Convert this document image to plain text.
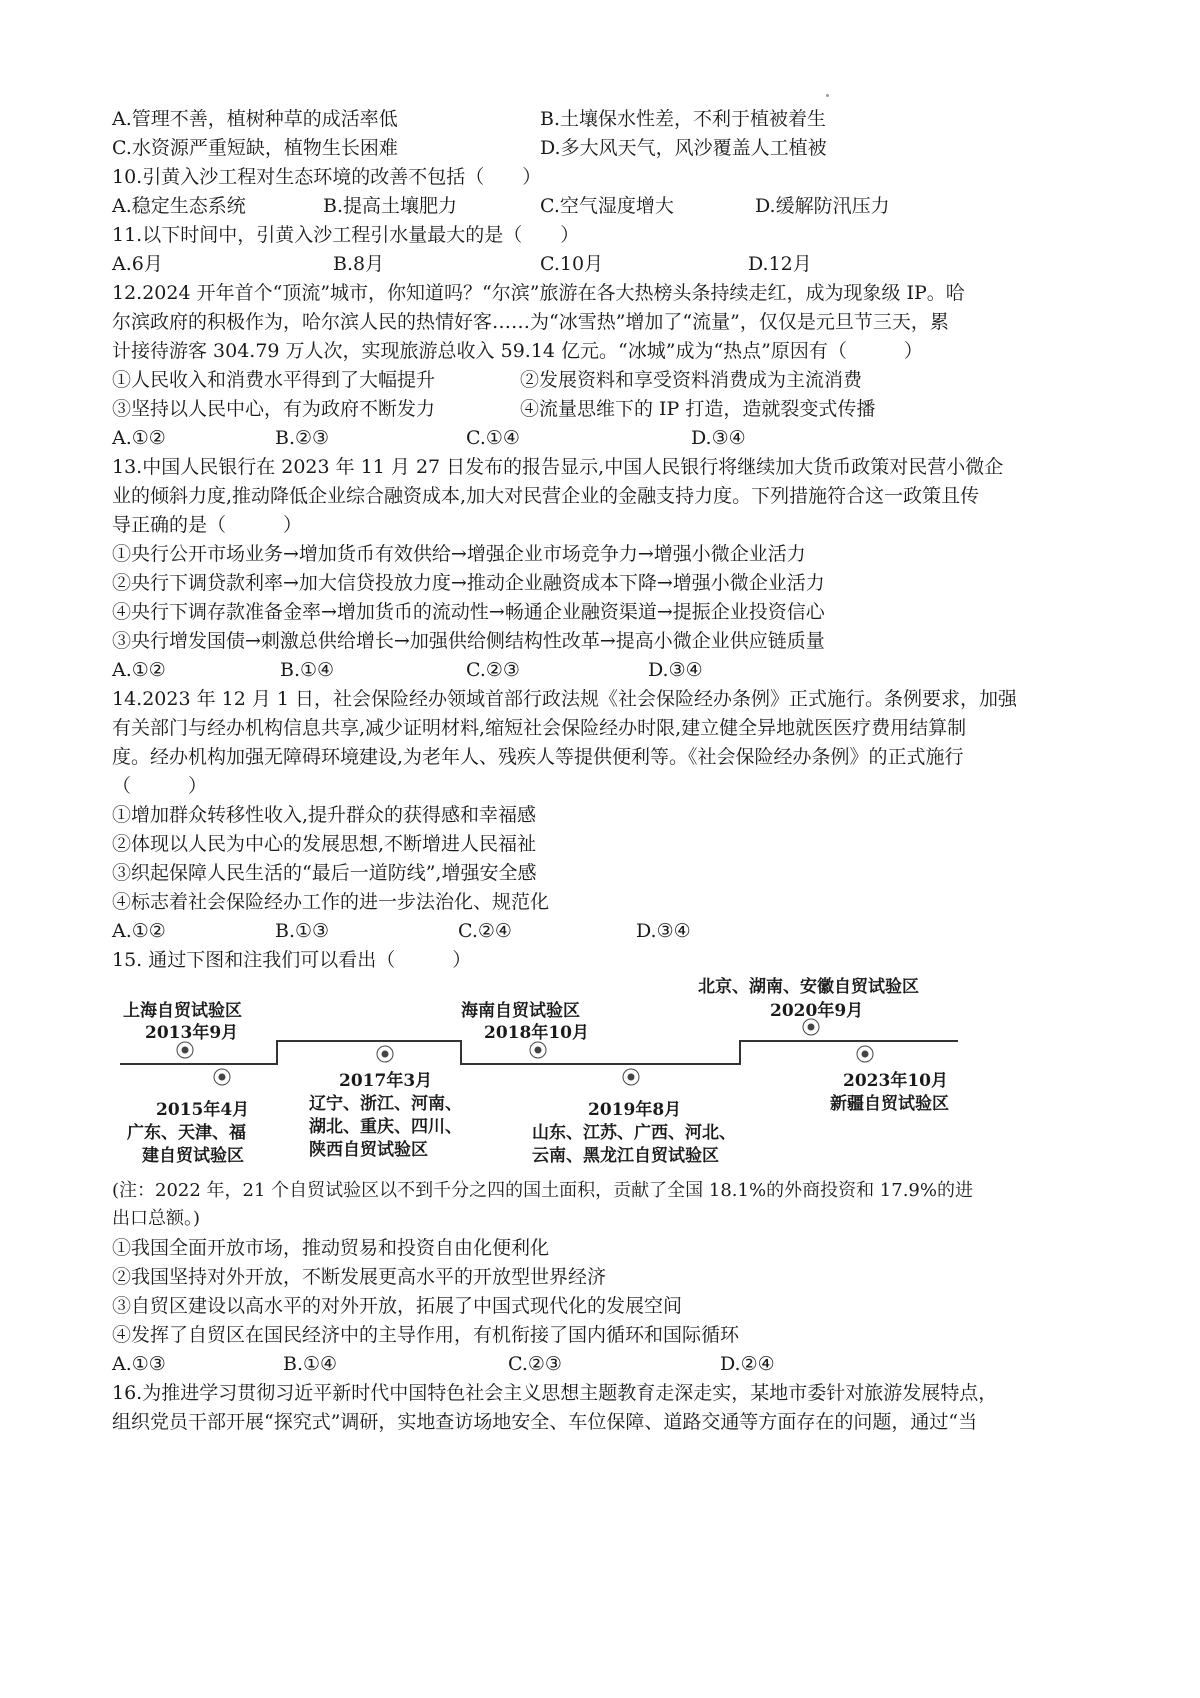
A.管理不善，植树种草的成活率低	B.土壤保水性差，不利于植被着生
C.水资源严重短缺，植物生长困难	D.多大风天气，风沙覆盖人工植被
10.引黄入沙工程对生态环境的改善不包括（　　）
A.稳定生态系统	B.提高土壤肥力	C.空气湿度增大	D.缓解防汛压力
11.以下时间中，引黄入沙工程引水量最大的是（　　）
A.6月	B.8月	C.10月	D.12月
12.2024 开年首个“顶流”城市，你知道吗？“尔滨”旅游在各大热榜头条持续走红，成为现象级 IP。哈
尔滨政府的积极作为，哈尔滨人民的热情好客……为“冰雪热”增加了“流量”，仅仅是元旦节三天，累
计接待游客 304.79 万人次，实现旅游总收入 59.14 亿元。“冰城”成为“热点”原因有（　　　）
①人民收入和消费水平得到了大幅提升	②发展资料和享受资料消费成为主流消费
③坚持以人民中心，有为政府不断发力	④流量思维下的 IP 打造，造就裂变式传播
A.①②	B.②③	C.①④	D.③④
13.中国人民银行在 2023 年 11 月 27 日发布的报告显示,中国人民银行将继续加大货币政策对民营小微企
业的倾斜力度,推动降低企业综合融资成本,加大对民营企业的金融支持力度。下列措施符合这一政策且传
导正确的是（　　　）
①央行公开市场业务→增加货币有效供给→增强企业市场竞争力→增强小微企业活力
②央行下调贷款利率→加大信贷投放力度→推动企业融资成本下降→增强小微企业活力
④央行下调存款准备金率→增加货币的流动性→畅通企业融资渠道→提振企业投资信心
③央行增发国债→刺激总供给增长→加强供给侧结构性改革→提高小微企业供应链质量
A.①②	B.①④	C.②③	D.③④
14.2023 年 12 月 1 日，社会保险经办领域首部行政法规《社会保险经办条例》正式施行。条例要求，加强
有关部门与经办机构信息共享,减少证明材料,缩短社会保险经办时限,建立健全异地就医医疗费用结算制
度。经办机构加强无障碍环境建设,为老年人、残疾人等提供便利等。《社会保险经办条例》的正式施行
（　　　）
①增加群众转移性收入,提升群众的获得感和幸福感
②体现以人民为中心的发展思想,不断增进人民福祉
③织起保障人民生活的“最后一道防线”,增强安全感
④标志着社会保险经办工作的进一步法治化、规范化
A.①②	B.①③	C.②④	D.③④
15. 通过下图和注我们可以看出（　　　）
上海自贸试验区
2013年9月
2015年4月
广东、天津、福
建自贸试验区
2017年3月
辽宁、浙江、河南、
湖北、重庆、四川、
陕西自贸试验区
海南自贸试验区
2018年10月
2019年8月
山东、江苏、广西、河北、
云南、黑龙江自贸试验区
北京、湖南、安徽自贸试验区
2020年9月
2023年10月
新疆自贸试验区
(注：2022 年，21 个自贸试验区以不到千分之四的国土面积，贡献了全国 18.1%的外商投资和 17.9%的进
出口总额。)
①我国全面开放市场，推动贸易和投资自由化便利化
②我国坚持对外开放，不断发展更高水平的开放型世界经济
③自贸区建设以高水平的对外开放，拓展了中国式现代化的发展空间
④发挥了自贸区在国民经济中的主导作用，有机衔接了国内循环和国际循环
A.①③	B.①④	C.②③	D.②④
16.为推进学习贯彻习近平新时代中国特色社会主义思想主题教育走深走实，某地市委针对旅游发展特点，
组织党员干部开展“探究式”调研，实地查访场地安全、车位保障、道路交通等方面存在的问题，通过“当
